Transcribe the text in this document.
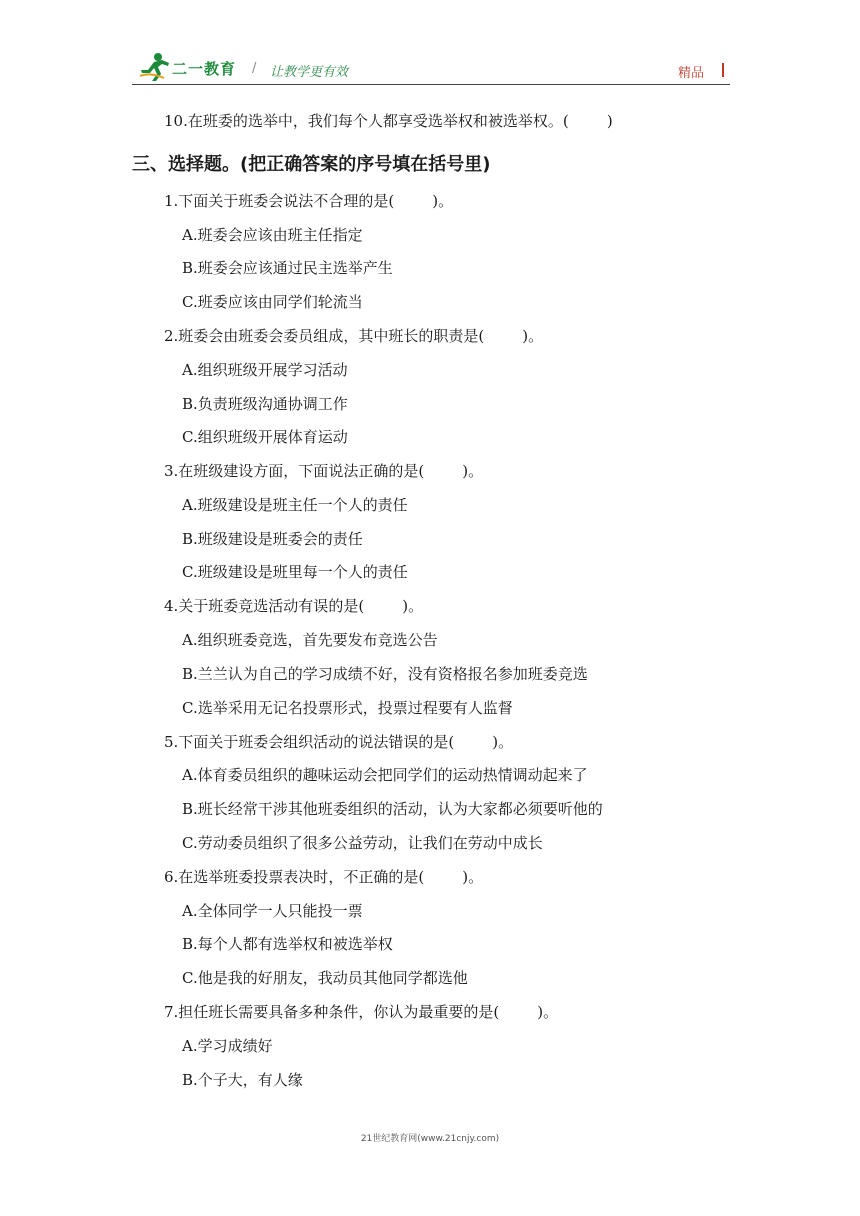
二一教育 / 让教学更有效	精品
10.在班委的选举中，我们每个人都享受选举权和被选举权。(        )
三、选择题。(把正确答案的序号填在括号里)
1.下面关于班委会说法不合理的是(        )。
A.班委会应该由班主任指定
B.班委会应该通过民主选举产生
C.班委应该由同学们轮流当
2.班委会由班委会委员组成，其中班长的职责是(        )。
A.组织班级开展学习活动
B.负责班级沟通协调工作
C.组织班级开展体育运动
3.在班级建设方面，下面说法正确的是(        )。
A.班级建设是班主任一个人的责任
B.班级建设是班委会的责任
C.班级建设是班里每一个人的责任
4.关于班委竞选活动有误的是(        )。
A.组织班委竞选，首先要发布竞选公告
B.兰兰认为自己的学习成绩不好，没有资格报名参加班委竞选
C.选举采用无记名投票形式，投票过程要有人监督
5.下面关于班委会组织活动的说法错误的是(        )。
A.体育委员组织的趣味运动会把同学们的运动热情调动起来了
B.班长经常干涉其他班委组织的活动，认为大家都必须要听他的
C.劳动委员组织了很多公益劳动，让我们在劳动中成长
6.在选举班委投票表决时，不正确的是(        )。
A.全体同学一人只能投一票
B.每个人都有选举权和被选举权
C.他是我的好朋友，我动员其他同学都选他
7.担任班长需要具备多种条件，你认为最重要的是(        )。
A.学习成绩好
B.个子大，有人缘
21世纪教育网(www.21cnjy.com)
